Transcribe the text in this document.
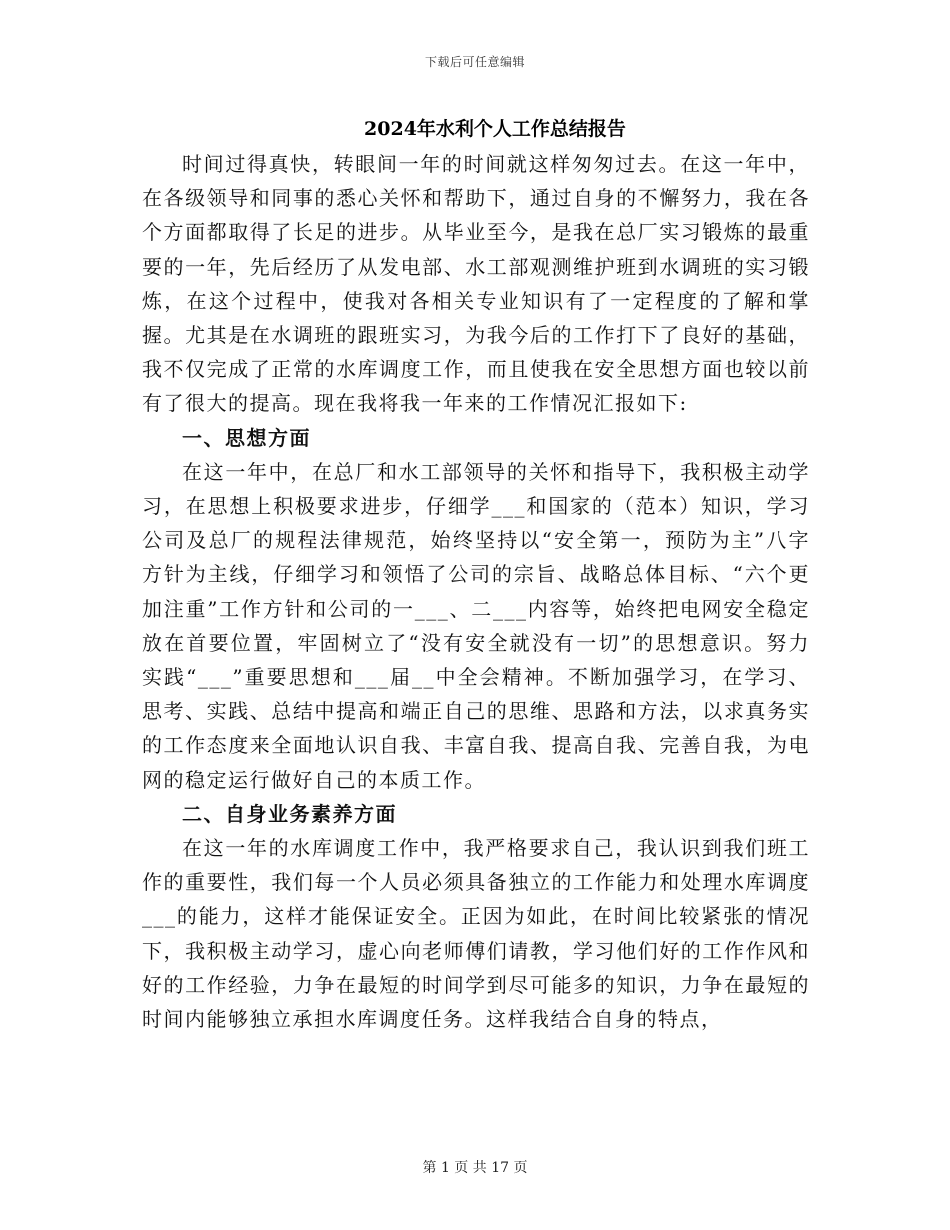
下载后可任意编辑
2024年水利个人工作总结报告

时间过得真快，转眼间一年的时间就这样匆匆过去。在这一年中，在各级领导和同事的悉心关怀和帮助下，通过自身的不懈努力，我在各个方面都取得了长足的进步。从毕业至今，是我在总厂实习锻炼的最重要的一年，先后经历了从发电部、水工部观测维护班到水调班的实习锻炼，在这个过程中，使我对各相关专业知识有了一定程度的了解和掌握。尤其是在水调班的跟班实习，为我今后的工作打下了良好的基础，我不仅完成了正常的水库调度工作，而且使我在安全思想方面也较以前有了很大的提高。现在我将我一年来的工作情况汇报如下:

一、思想方面

在这一年中，在总厂和水工部领导的关怀和指导下，我积极主动学习，在思想上积极要求进步，仔细学___和国家的（范本）知识，学习公司及总厂的规程法律规范，始终坚持以“安全第一，预防为主”八字方针为主线，仔细学习和领悟了公司的宗旨、战略总体目标、“六个更加注重”工作方针和公司的一___、二___内容等，始终把电网安全稳定放在首要位置，牢固树立了“没有安全就没有一切”的思想意识。努力实践“___”重要思想和___届__中全会精神。不断加强学习，在学习、思考、实践、总结中提高和端正自己的思维、思路和方法，以求真务实的工作态度来全面地认识自我、丰富自我、提高自我、完善自我，为电网的稳定运行做好自己的本质工作。

二、自身业务素养方面

在这一年的水库调度工作中，我严格要求自己，我认识到我们班工作的重要性，我们每一个人员必须具备独立的工作能力和处理水库调度___的能力，这样才能保证安全。正因为如此，在时间比较紧张的情况下，我积极主动学习，虚心向老师傅们请教，学习他们好的工作作风和好的工作经验，力争在最短的时间学到尽可能多的知识，力争在最短的时间内能够独立承担水库调度任务。这样我结合自身的特点，

第 1 页 共 17 页
